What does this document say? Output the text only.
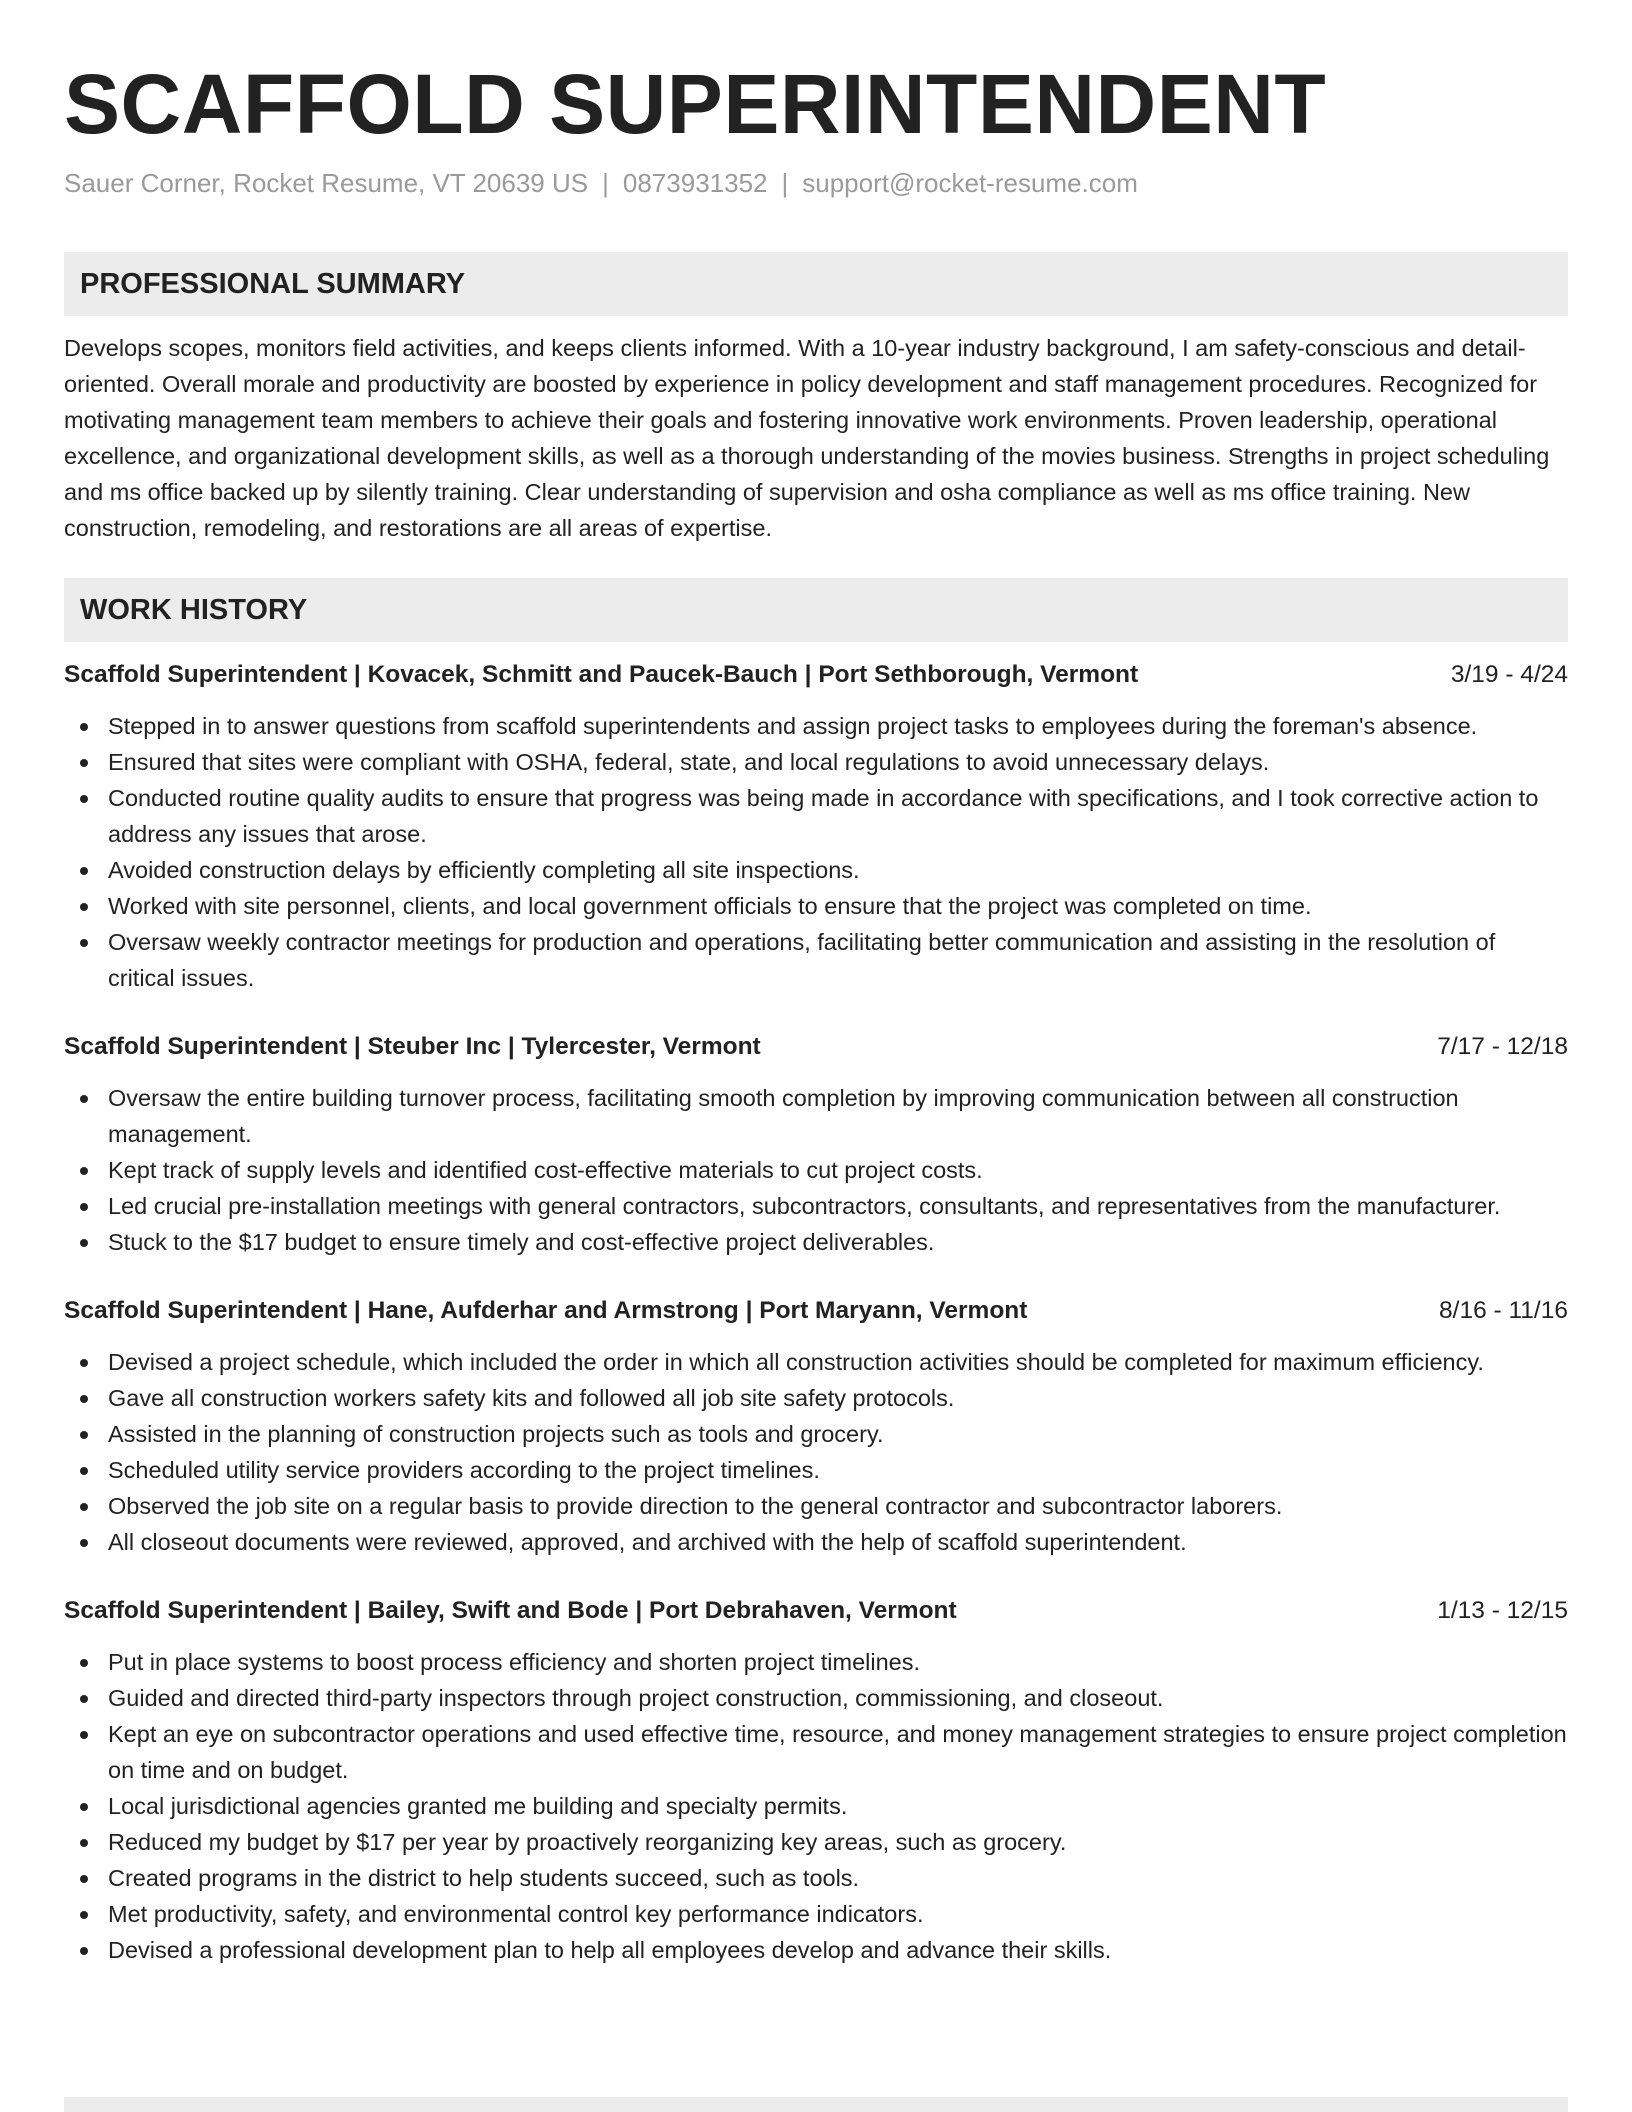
SCAFFOLD SUPERINTENDENT
Sauer Corner, Rocket Resume, VT 20639 US | 0873931352 | support@rocket-resume.com
PROFESSIONAL SUMMARY
Develops scopes, monitors field activities, and keeps clients informed. With a 10-year industry background, I am safety-conscious and detail-oriented. Overall morale and productivity are boosted by experience in policy development and staff management procedures. Recognized for motivating management team members to achieve their goals and fostering innovative work environments. Proven leadership, operational excellence, and organizational development skills, as well as a thorough understanding of the movies business. Strengths in project scheduling and ms office backed up by silently training. Clear understanding of supervision and osha compliance as well as ms office training. New construction, remodeling, and restorations are all areas of expertise.
WORK HISTORY
Scaffold Superintendent | Kovacek, Schmitt and Paucek-Bauch | Port Sethborough, Vermont	3/19 - 4/24
Stepped in to answer questions from scaffold superintendents and assign project tasks to employees during the foreman's absence.
Ensured that sites were compliant with OSHA, federal, state, and local regulations to avoid unnecessary delays.
Conducted routine quality audits to ensure that progress was being made in accordance with specifications, and I took corrective action to address any issues that arose.
Avoided construction delays by efficiently completing all site inspections.
Worked with site personnel, clients, and local government officials to ensure that the project was completed on time.
Oversaw weekly contractor meetings for production and operations, facilitating better communication and assisting in the resolution of critical issues.
Scaffold Superintendent | Steuber Inc | Tylercester, Vermont	7/17 - 12/18
Oversaw the entire building turnover process, facilitating smooth completion by improving communication between all construction management.
Kept track of supply levels and identified cost-effective materials to cut project costs.
Led crucial pre-installation meetings with general contractors, subcontractors, consultants, and representatives from the manufacturer.
Stuck to the $17 budget to ensure timely and cost-effective project deliverables.
Scaffold Superintendent | Hane, Aufderhar and Armstrong | Port Maryann, Vermont	8/16 - 11/16
Devised a project schedule, which included the order in which all construction activities should be completed for maximum efficiency.
Gave all construction workers safety kits and followed all job site safety protocols.
Assisted in the planning of construction projects such as tools and grocery.
Scheduled utility service providers according to the project timelines.
Observed the job site on a regular basis to provide direction to the general contractor and subcontractor laborers.
All closeout documents were reviewed, approved, and archived with the help of scaffold superintendent.
Scaffold Superintendent | Bailey, Swift and Bode | Port Debrahaven, Vermont	1/13 - 12/15
Put in place systems to boost process efficiency and shorten project timelines.
Guided and directed third-party inspectors through project construction, commissioning, and closeout.
Kept an eye on subcontractor operations and used effective time, resource, and money management strategies to ensure project completion on time and on budget.
Local jurisdictional agencies granted me building and specialty permits.
Reduced my budget by $17 per year by proactively reorganizing key areas, such as grocery.
Created programs in the district to help students succeed, such as tools.
Met productivity, safety, and environmental control key performance indicators.
Devised a professional development plan to help all employees develop and advance their skills.
